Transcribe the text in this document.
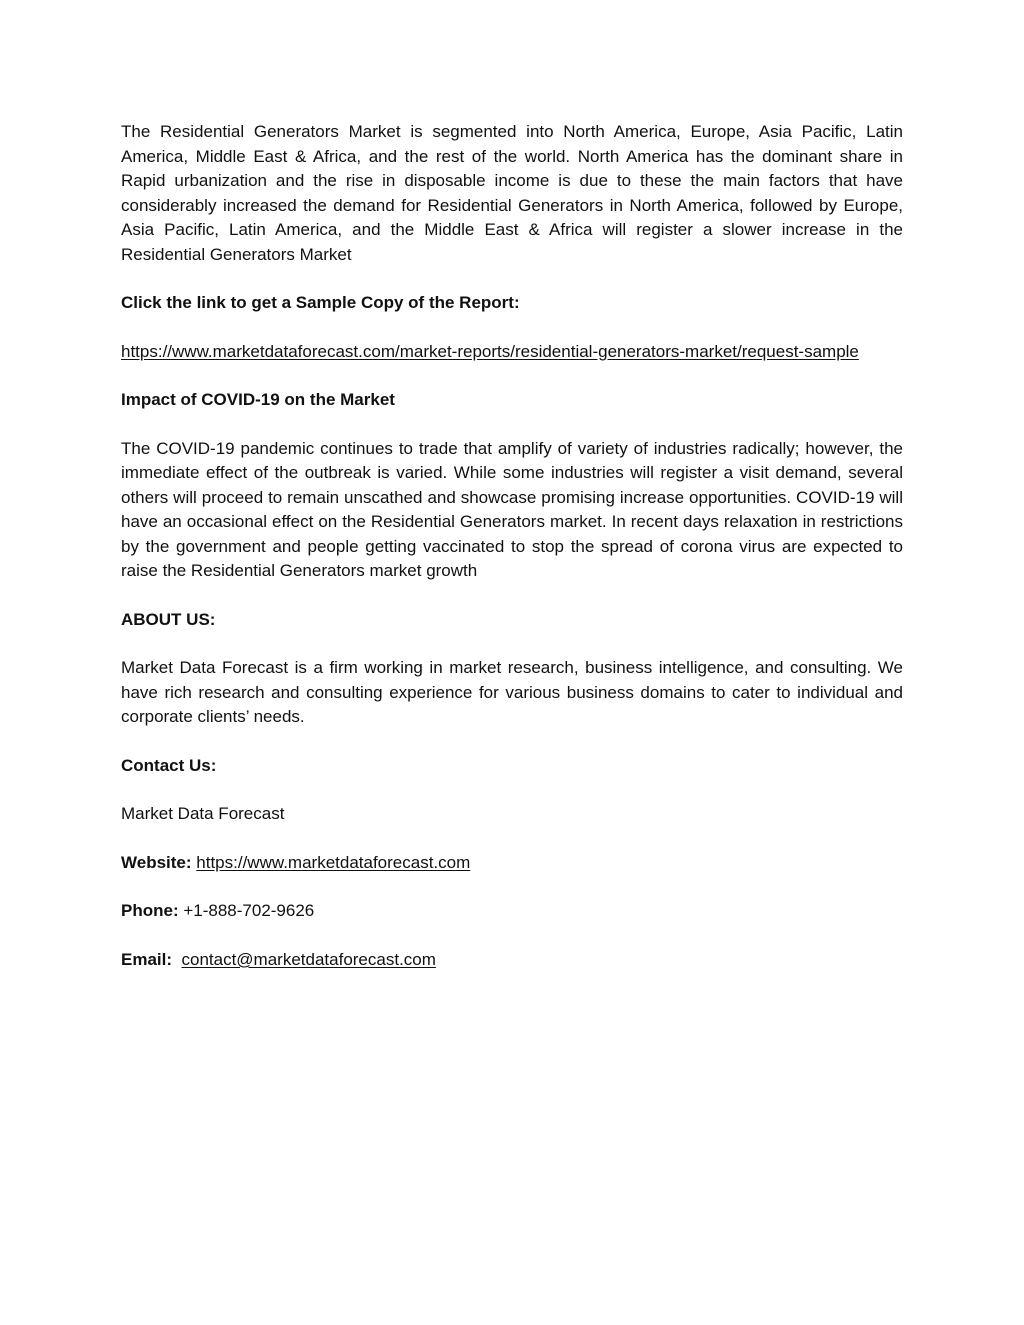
The Residential Generators Market is segmented into North America, Europe, Asia Pacific, Latin America, Middle East & Africa, and the rest of the world. North America has the dominant share in Rapid urbanization and the rise in disposable income is due to these the main factors that have considerably increased the demand for Residential Generators in North America, followed by Europe, Asia Pacific, Latin America, and the Middle East & Africa will register a slower increase in the Residential Generators Market

Click the link to get a Sample Copy of the Report:

https://www.marketdataforecast.com/market-reports/residential-generators-market/request-sample

Impact of COVID-19 on the Market

The COVID-19 pandemic continues to trade that amplify of variety of industries radically; however, the immediate effect of the outbreak is varied. While some industries will register a visit demand, several others will proceed to remain unscathed and showcase promising increase opportunities. COVID-19 will have an occasional effect on the Residential Generators market. In recent days relaxation in restrictions by the government and people getting vaccinated to stop the spread of corona virus are expected to raise the Residential Generators market growth

ABOUT US:

Market Data Forecast is a firm working in market research, business intelligence, and consulting. We have rich research and consulting experience for various business domains to cater to individual and corporate clients’ needs.

Contact Us:

Market Data Forecast

Website: https://www.marketdataforecast.com

Phone: +1-888-702-9626

Email: contact@marketdataforecast.com
